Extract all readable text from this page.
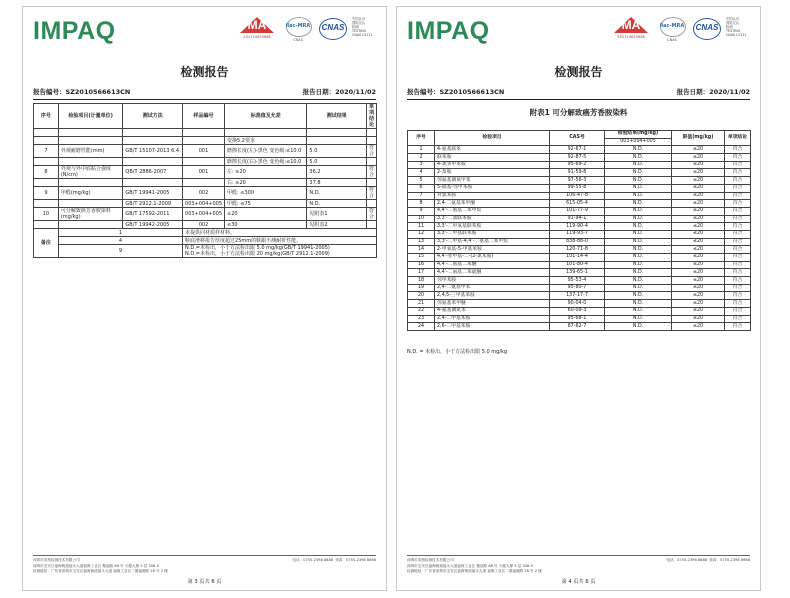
IMPAQ	MA
201719055948
ilac-MRA
CNAS
CNAS
中国认可
国际互认
检测
TESTING
CNAS L5111
检测报告
报告编号：SZ2010566613CN	报告日期：2020/11/02
序号	检验项目(计量单位)	测试方法	样品编号	标准值及允差	测试结果	单项结论

				变换5.2要求		
7	外观耐磨性能(mm)	GB/T 15107-2013 6.4	001	磨擦长度(左)-黑色 变色级:≤10.0	5.0	符合
				磨擦长度(右)-黑色 变色级:≤10.0	5.0	
8	外观与外中底粘合强度(N/cm)	QB/T 2886-2007	001	左: ≥20	36.2	符合
				右: ≥20	37.8	
9	甲醛(mg/kg)	GB/T 19941-2005	002	甲醛: ≤300	N.D.	符合
		GB/T 2912.1-2009	003+004+005	甲醛: ≤75	N.D.	
10	可分解致癌芳香胺染料(mg/kg)	GB/T 17592-2011	003+004+005	≤20	见附表1	符合
		GB/T 19942-2005	002	≤30	见附表2	
备注	1		未提供同材质样材料。			
	4		鞋底滑移报告厚度超过25mm的鞋跟不测耐折性能。			
	9		N.D.=未检出，小于方法检出限 5.0 mg/kg(GB/T 19941-2005)
N.D.=未检出，小于方法检出限 20 mg/kg(GB/T 2912.1-2009)			
深圳市英柏检测技术有限公司	电话：0755-2398 8888 传真：0755-2398 8668
深圳市宝安区福海街道福永大道福海工业区 聚福路 88 号 天健大厦 5 层 508-5
检测地址：广东省深圳市宝安区福海街道福永大道 福海工业区二期福港路 28 号 2 楼
第 3 页共 6 页
IMPAQ	MA
201719055948
ilac-MRA
CNAS
CNAS
中国认可
国际互认
检测
TESTING
CNAS L5111
检测报告
报告编号：SZ2010566613CN	报告日期：2020/11/02
附表1 可分解致癌芳香胺染料
序号	检验项目	CAS号	检验结果(mg/kg)	限值(mg/kg)	单项结论
			003+004+005		
1	4-氨基联苯	92-67-1	N.D.	≤20	符合
2	联苯胺	92-87-5	N.D.	≤20	符合
3	4-氯邻甲苯胺	95-69-2	N.D.	≤20	符合
4	2-萘胺	91-59-8	N.D.	≤20	符合
5	邻氨基偶氮甲苯	97-56-3	N.D.	≤20	符合
6	5-硝基-邻甲苯胺	99-55-8	N.D.	≤20	符合
7	对氯苯胺	106-47-8	N.D.	≤20	符合
8	2,4-二氨基苯甲醚	615-05-4	N.D.	≤20	符合
9	4,4'-二氨基二苯甲烷	101-77-9	N.D.	≤20	符合
10	3,3'-二氯联苯胺	91-94-1	N.D.	≤20	符合
11	3,3'-二甲氧基联苯胺	119-90-4	N.D.	≤20	符合
12	3,3'-二甲基联苯胺	119-93-7	N.D.	≤20	符合
13	3,3'-二甲基-4,4'-二氨基二苯甲烷	838-88-0	N.D.	≤20	符合
14	2-甲氧基-5-甲基苯胺	120-71-8	N.D.	≤20	符合
15	4,4'-亚甲基-二-(2-氯苯胺)	101-14-4	N.D.	≤20	符合
16	4,4'-二氨基二苯醚	101-80-4	N.D.	≤20	符合
17	4,4'-二氨基二苯硫醚	139-65-1	N.D.	≤20	符合
18	邻甲苯胺	95-53-4	N.D.	≤20	符合
19	2,4-二氨基甲苯	95-80-7	N.D.	≤20	符合
20	2,4,5-三甲基苯胺	137-17-7	N.D.	≤20	符合
21	邻氨基苯甲醚	90-04-0	N.D.	≤20	符合
22	4-氨基偶氮苯	60-09-3	N.D.	≤20	符合
23	2,4-二甲基苯胺	95-68-1	N.D.	≤20	符合
24	2,6-二甲基苯胺	87-62-7	N.D.	≤20	符合
N.D. = 未检出，小于方法检出限 5.0 mg/kg
深圳市英柏检测技术有限公司	电话：0755-2398 8888 传真：0755-2398 8668
深圳市宝安区福海街道福永大道福海工业区 聚福路 88 号 天健大厦 5 层 508-5
检测地址：广东省深圳市宝安区福海街道福永大道 福海工业区二期福港路 28 号 2 楼
第 4 页共 6 页
